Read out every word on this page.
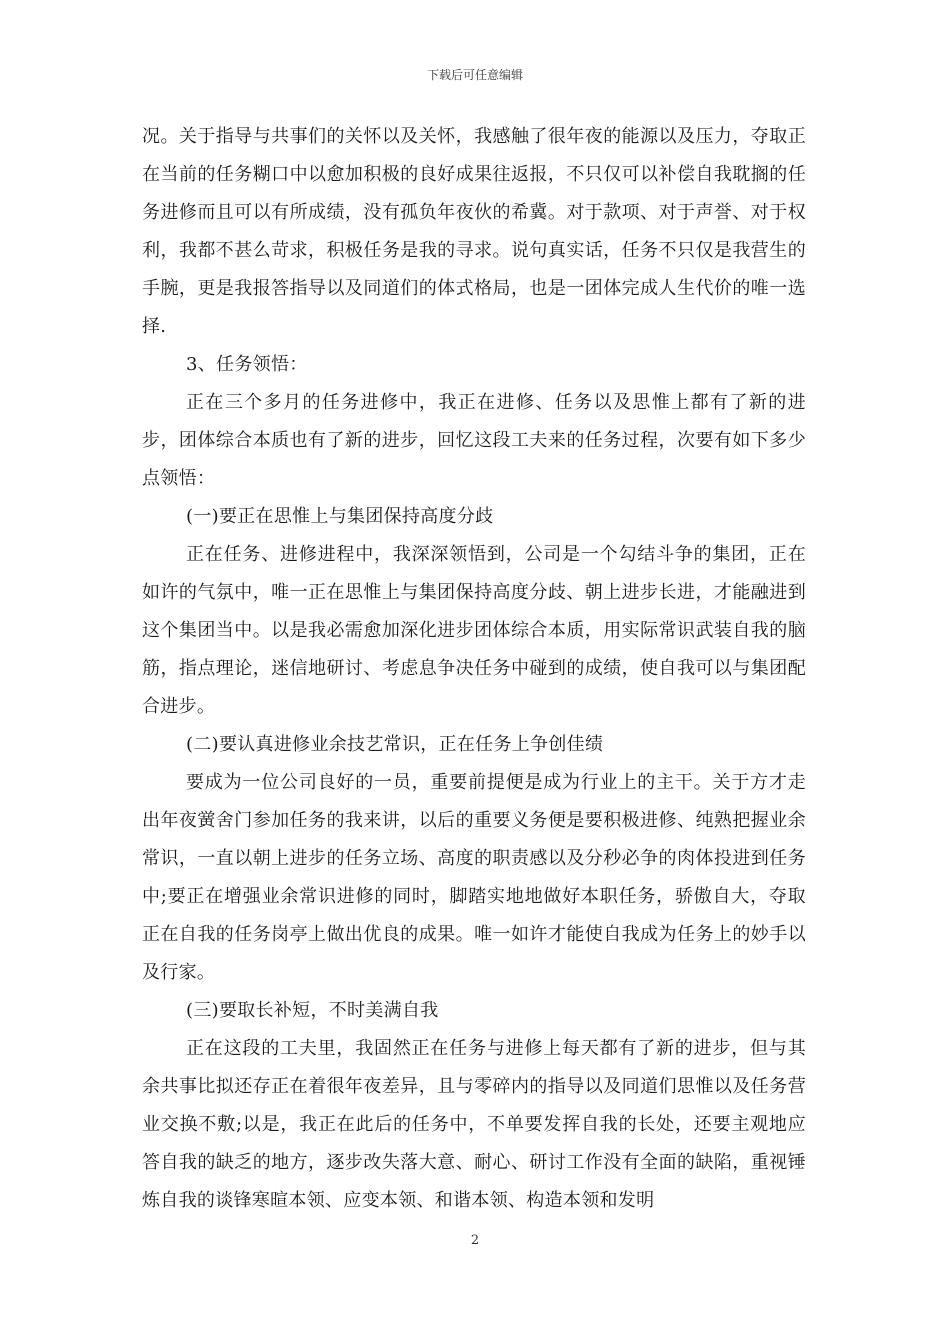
下载后可任意编辑

况。关于指导与共事们的关怀以及关怀，我感触了很年夜的能源以及压力，夺取正在当前的任务糊口中以愈加积极的良好成果往返报，不只仅可以补偿自我耽搁的任务进修而且可以有所成绩，没有孤负年夜伙的希冀。对于款项、对于声誉、对于权利，我都不甚么苛求，积极任务是我的寻求。说句真实话，任务不只仅是我营生的手腕，更是我报答指导以及同道们的体式格局，也是一团体完成人生代价的唯一选择.

3、任务领悟：

正在三个多月的任务进修中，我正在进修、任务以及思惟上都有了新的进步，团体综合本质也有了新的进步，回忆这段工夫来的任务过程，次要有如下多少点领悟：

(一)要正在思惟上与集团保持高度分歧

正在任务、进修进程中，我深深领悟到，公司是一个勾结斗争的集团，正在如许的气氛中，唯一正在思惟上与集团保持高度分歧、朝上进步长进，才能融进到这个集团当中。以是我必需愈加深化进步团体综合本质，用实际常识武装自我的脑筋，指点理论，迷信地研讨、考虑息争决任务中碰到的成绩，使自我可以与集团配合进步。

(二)要认真进修业余技艺常识，正在任务上争创佳绩

要成为一位公司良好的一员，重要前提便是成为行业上的主干。关于方才走出年夜黉舍门参加任务的我来讲，以后的重要义务便是要积极进修、纯熟把握业余常识，一直以朝上进步的任务立场、高度的职责感以及分秒必争的肉体投进到任务中;要正在增强业余常识进修的同时，脚踏实地地做好本职任务，骄傲自大，夺取正在自我的任务岗亭上做出优良的成果。唯一如许才能使自我成为任务上的妙手以及行家。

(三)要取长补短，不时美满自我

正在这段的工夫里，我固然正在任务与进修上每天都有了新的进步，但与其余共事比拟还存正在着很年夜差异，且与零碎内的指导以及同道们思惟以及任务营业交换不敷;以是，我正在此后的任务中，不单要发挥自我的长处，还要主观地应答自我的缺乏的地方，逐步改失落大意、耐心、研讨工作没有全面的缺陷，重视锤炼自我的谈锋寒暄本领、应变本领、和谐本领、构造本领和发明

2
